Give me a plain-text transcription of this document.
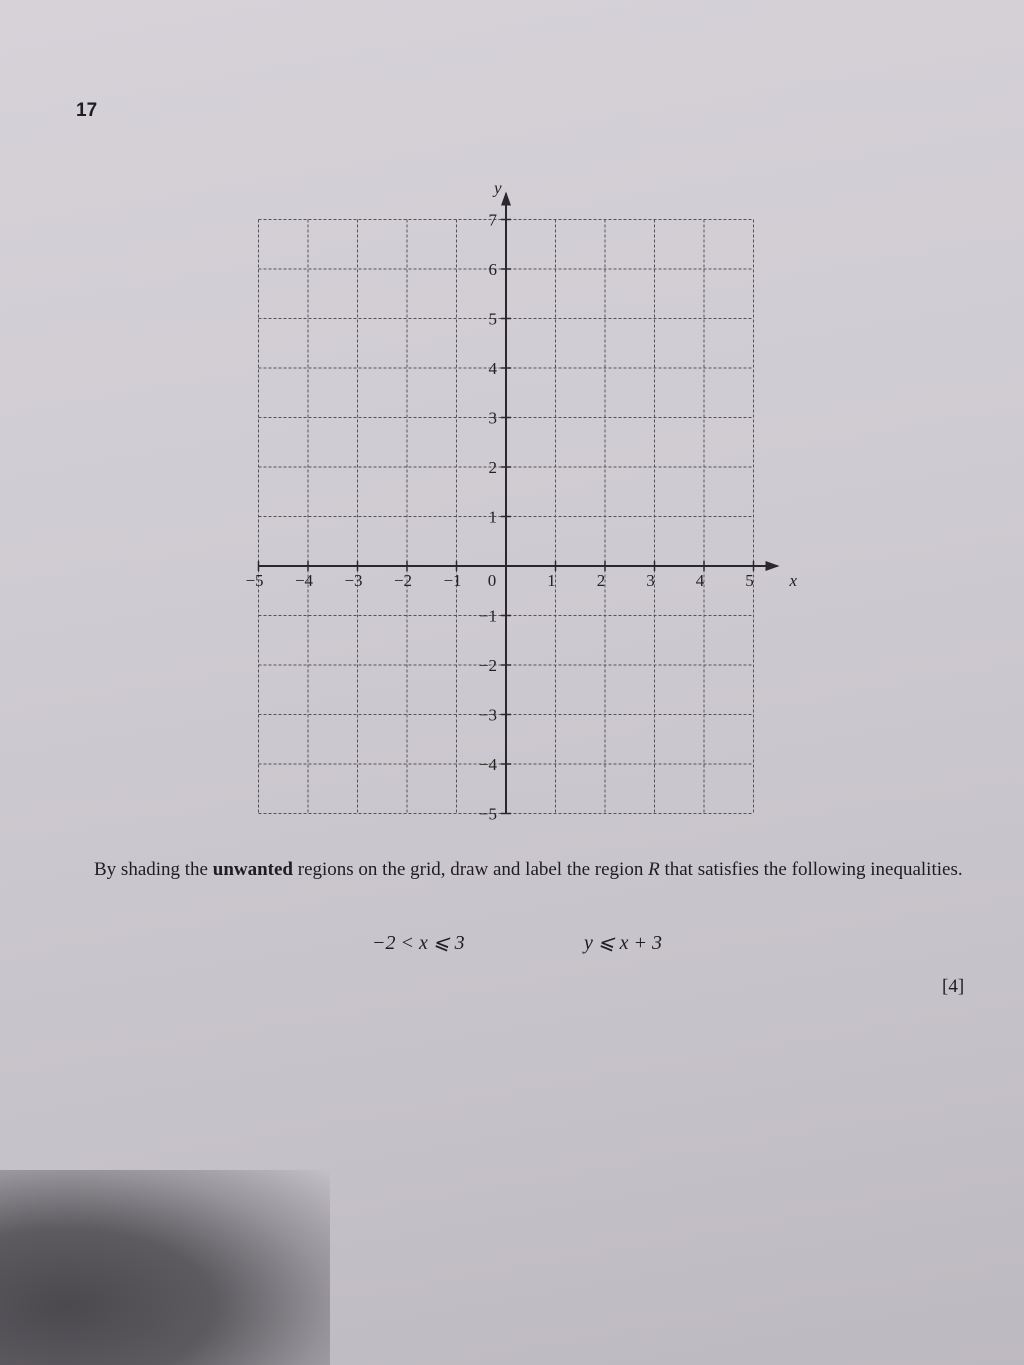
17
−5 −4 −3 −2 −1 0	1 2 3 4 5
7
6
5
4
3
2
1
−1
−2
−3
−4
−5
x
y
By shading the unwanted regions on the grid, draw and label the region R that satisfies the following inequalities.
−2 < x ⩽ 3	y ⩽ x + 3
[4]
